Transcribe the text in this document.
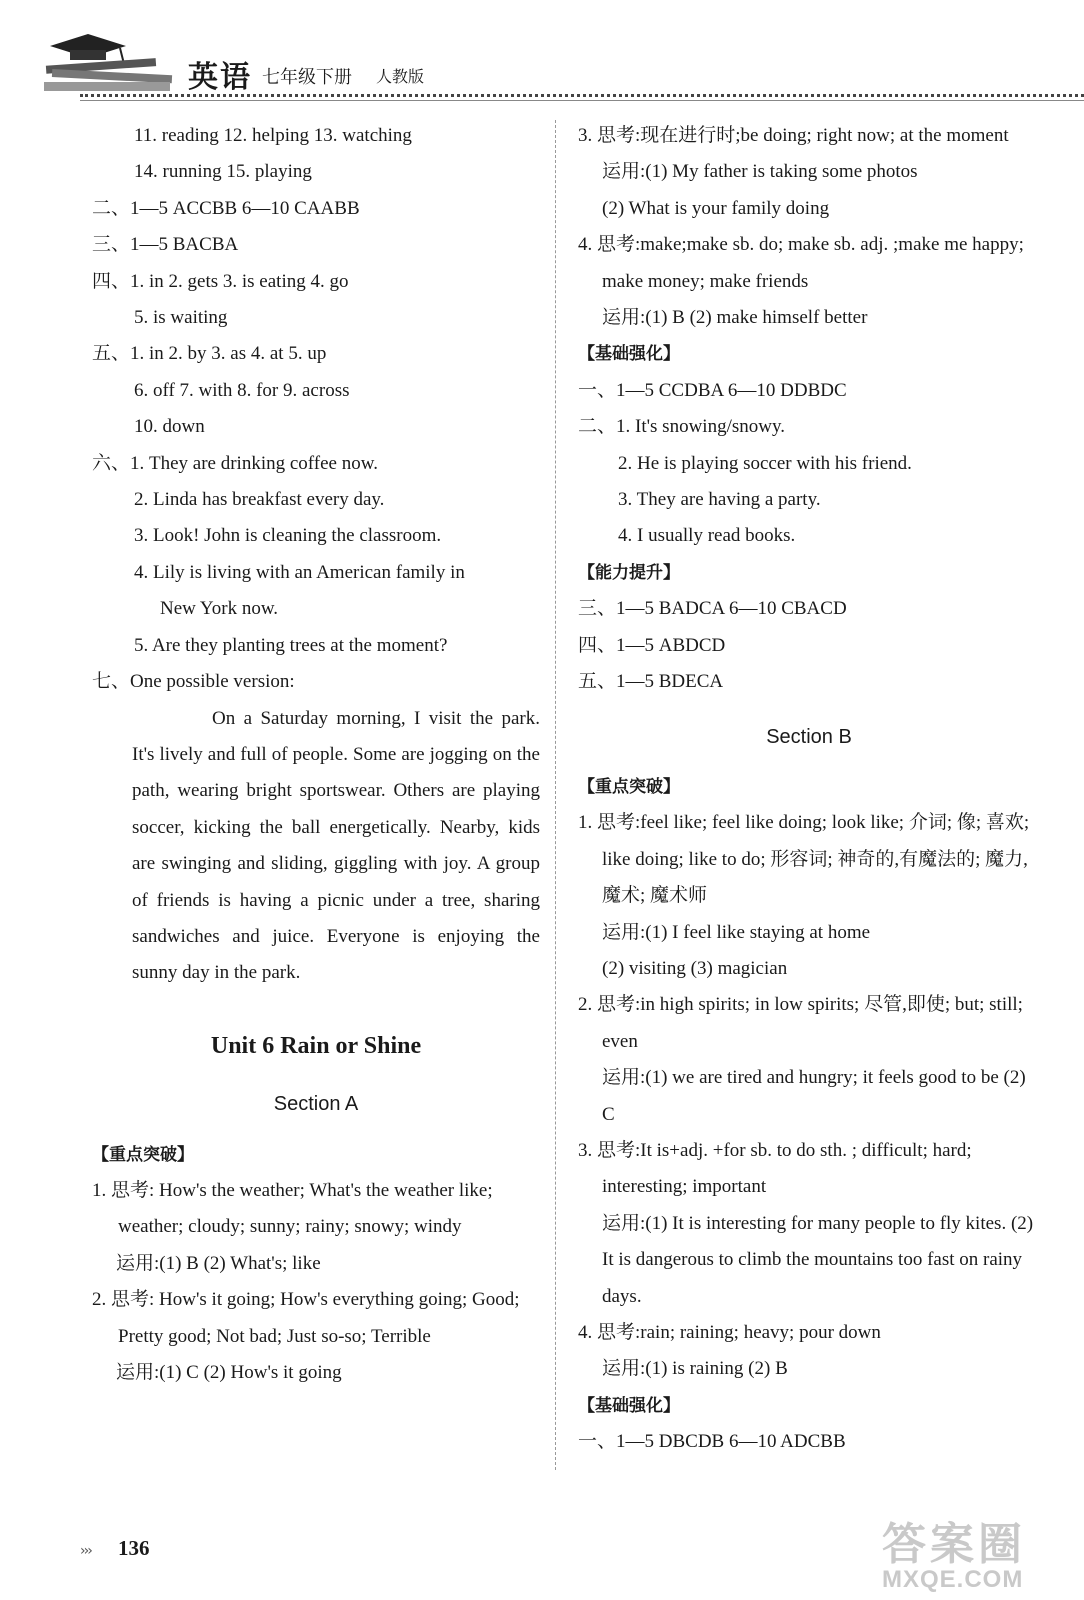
英语 七年级下册 人教版
11. reading 12. helping 13. watching
14. running 15. playing
二、1—5 ACCBB 6—10 CAABB
三、1—5 BACBA
四、1. in 2. gets 3. is eating 4. go
5. is waiting
五、1. in 2. by 3. as 4. at 5. up
6. off 7. with 8. for 9. across
10. down
六、1. They are drinking coffee now.
2. Linda has breakfast every day.
3. Look! John is cleaning the classroom.
4. Lily is living with an American family in
New York now.
5. Are they planting trees at the moment?
七、One possible version:
On a Saturday morning, I visit the park. It's lively and full of people. Some are jogging on the path, wearing bright sportswear. Others are playing soccer, kicking the ball energetically. Nearby, kids are swinging and sliding, giggling with joy. A group of friends is having a picnic under a tree, sharing sandwiches and juice. Everyone is enjoying the sunny day in the park.
Unit 6 Rain or Shine
Section A
【重点突破】
1. 思考: How's the weather; What's the weather like; weather; cloudy; sunny; rainy; snowy; windy
运用:(1) B (2) What's; like
2. 思考: How's it going; How's everything going; Good; Pretty good; Not bad; Just so-so; Terrible
运用:(1) C (2) How's it going
3. 思考:现在进行时;be doing; right now; at the moment
运用:(1) My father is taking some photos
(2) What is your family doing
4. 思考:make;make sb. do; make sb. adj. ;make me happy; make money; make friends
运用:(1) B (2) make himself better
【基础强化】
一、1—5 CCDBA 6—10 DDBDC
二、1. It's snowing/snowy.
2. He is playing soccer with his friend.
3. They are having a party.
4. I usually read books.
【能力提升】
三、1—5 BADCA 6—10 CBACD
四、1—5 ABDCD
五、1—5 BDECA
Section B
【重点突破】
1. 思考:feel like; feel like doing; look like; 介词; 像; 喜欢; like doing; like to do; 形容词; 神奇的,有魔法的; 魔力,魔术; 魔术师
运用:(1) I feel like staying at home
(2) visiting (3) magician
2. 思考:in high spirits; in low spirits; 尽管,即使; but; still; even
运用:(1) we are tired and hungry; it feels good to be (2) C
3. 思考:It is+adj. +for sb. to do sth. ; difficult; hard; interesting; important
运用:(1) It is interesting for many people to fly kites. (2) It is dangerous to climb the mountains too fast on rainy days.
4. 思考:rain; raining; heavy; pour down
运用:(1) is raining (2) B
【基础强化】
一、1—5 DBCDB 6—10 ADCBB
››› 136	答案圈
MXQE.COM
